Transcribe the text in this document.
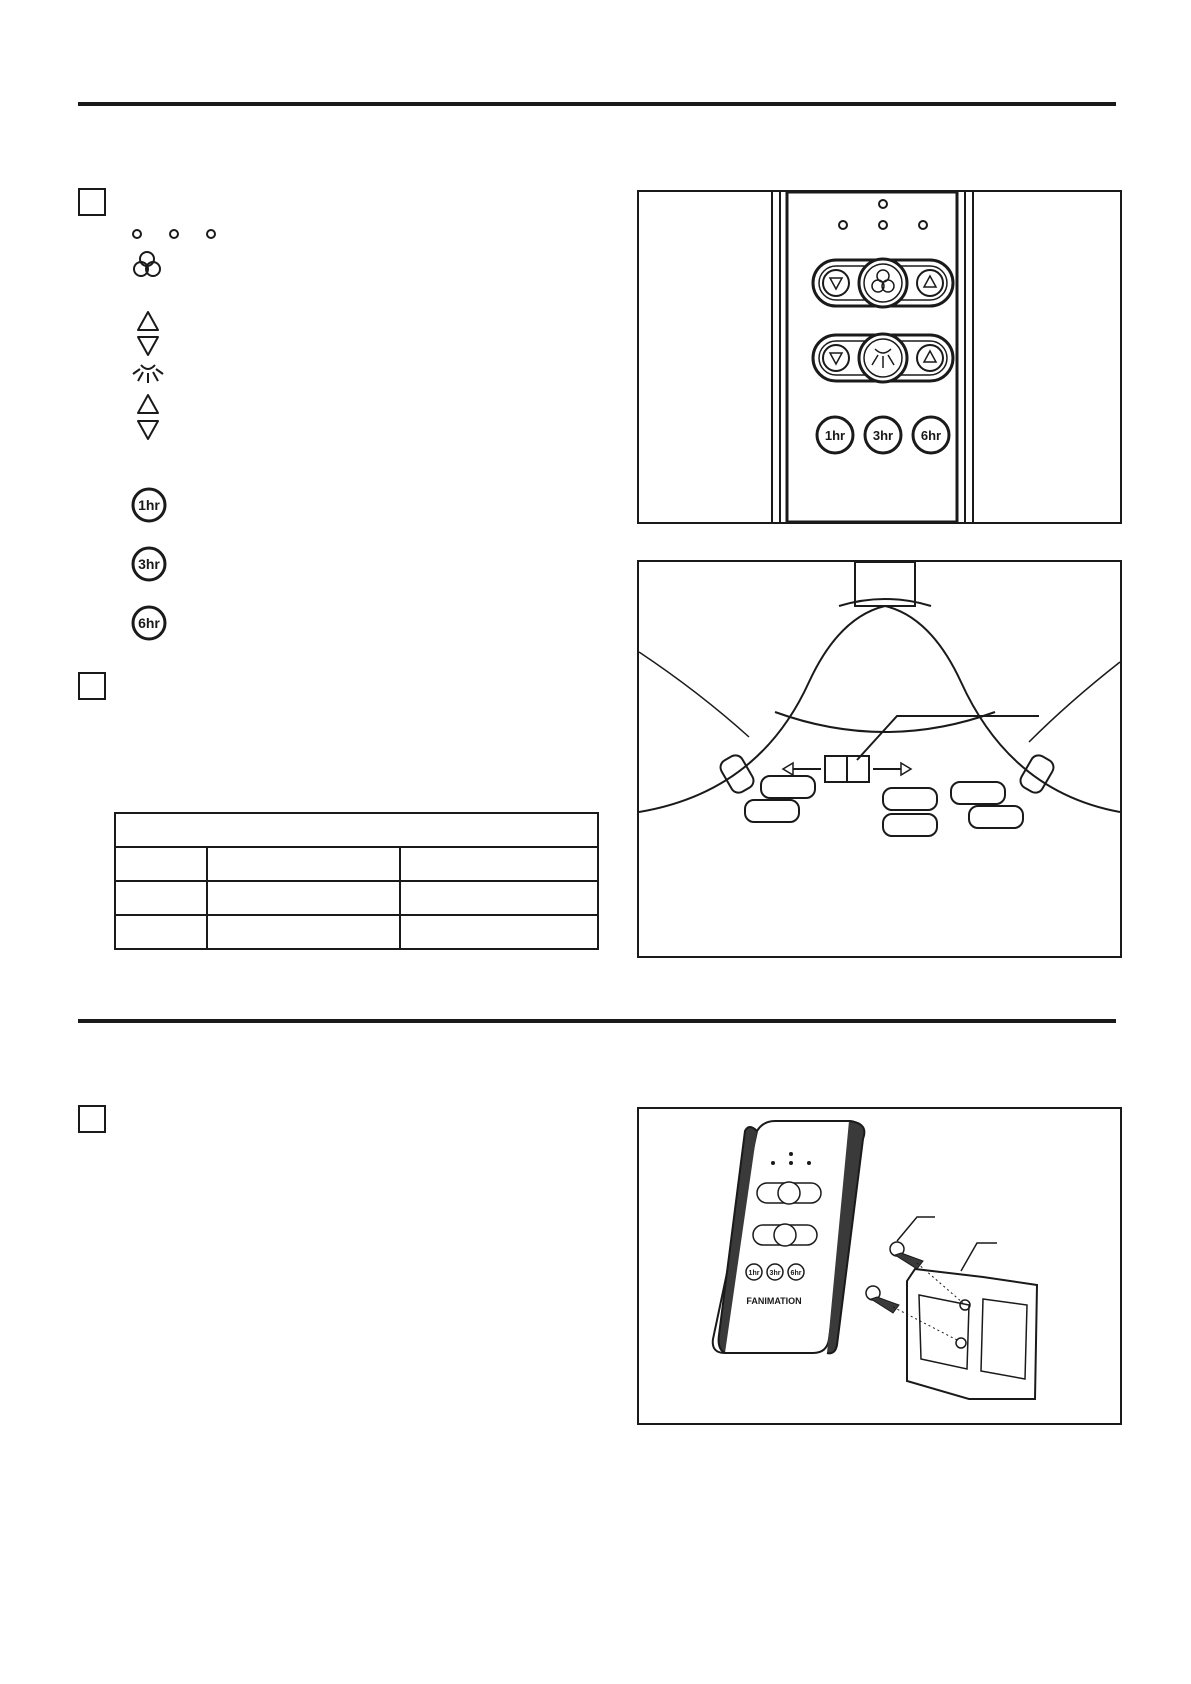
1hr
3hr
6hr

1hr 3hr 6hr
1hr 3hr 6hr
FANIMATION
